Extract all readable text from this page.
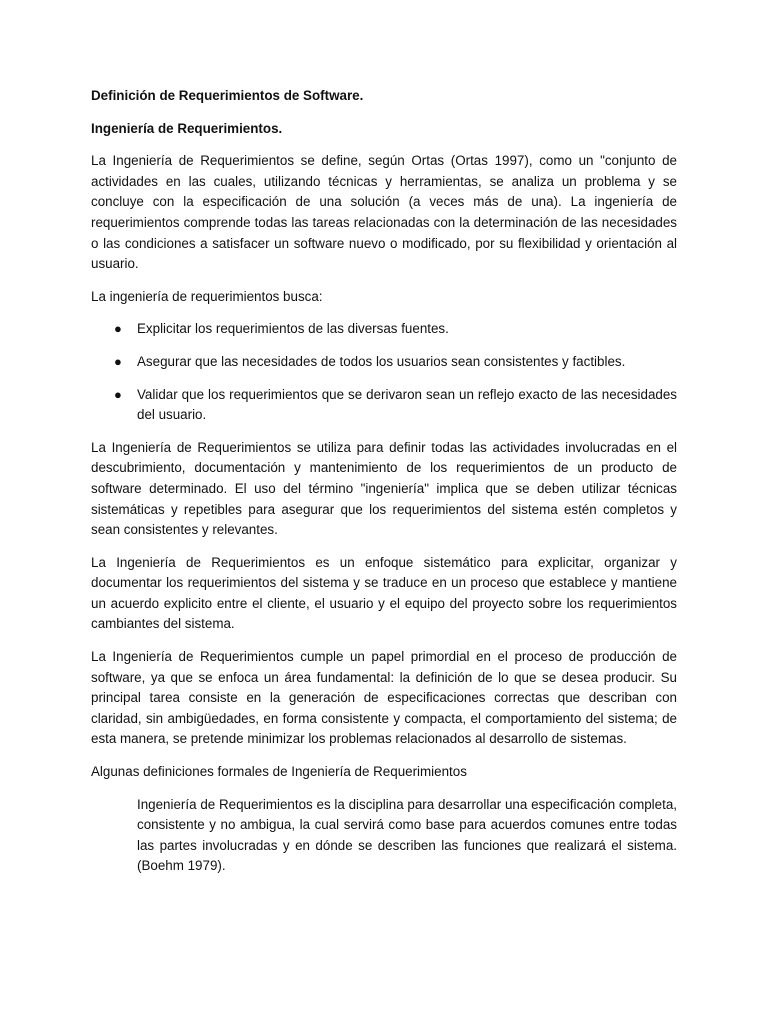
Definición de Requerimientos de Software.
Ingeniería de Requerimientos.

La Ingeniería de Requerimientos se define, según Ortas (Ortas 1997), como un "conjunto de actividades en las cuales, utilizando técnicas y herramientas, se analiza un problema y se concluye con la especificación de una solución (a veces más de una). La ingeniería de requerimientos comprende todas las tareas relacionadas con la determinación de las necesidades o las condiciones a satisfacer un software nuevo o modificado, por su flexibilidad y orientación al usuario.

La ingeniería de requerimientos busca:

● Explicitar los requerimientos de las diversas fuentes.
● Asegurar que las necesidades de todos los usuarios sean consistentes y factibles.
● Validar que los requerimientos que se derivaron sean un reflejo exacto de las necesidades del usuario.

La Ingeniería de Requerimientos se utiliza para definir todas las actividades involucradas en el descubrimiento, documentación y mantenimiento de los requerimientos de un producto de software determinado. El uso del término "ingeniería" implica que se deben utilizar técnicas sistemáticas y repetibles para asegurar que los requerimientos del sistema estén completos y sean consistentes y relevantes.

La Ingeniería de Requerimientos es un enfoque sistemático para explicitar, organizar y documentar los requerimientos del sistema y se traduce en un proceso que establece y mantiene un acuerdo explicito entre el cliente, el usuario y el equipo del proyecto sobre los requerimientos cambiantes del sistema.

La Ingeniería de Requerimientos cumple un papel primordial en el proceso de producción de software, ya que se enfoca un área fundamental: la definición de lo que se desea producir. Su principal tarea consiste en la generación de especificaciones correctas que describan con claridad, sin ambigüedades, en forma consistente y compacta, el comportamiento del sistema; de esta manera, se pretende minimizar los problemas relacionados al desarrollo de sistemas.

Algunas definiciones formales de Ingeniería de Requerimientos

Ingeniería de Requerimientos es la disciplina para desarrollar una especificación completa, consistente y no ambigua, la cual servirá como base para acuerdos comunes entre todas las partes involucradas y en dónde se describen las funciones que realizará el sistema. (Boehm 1979).
